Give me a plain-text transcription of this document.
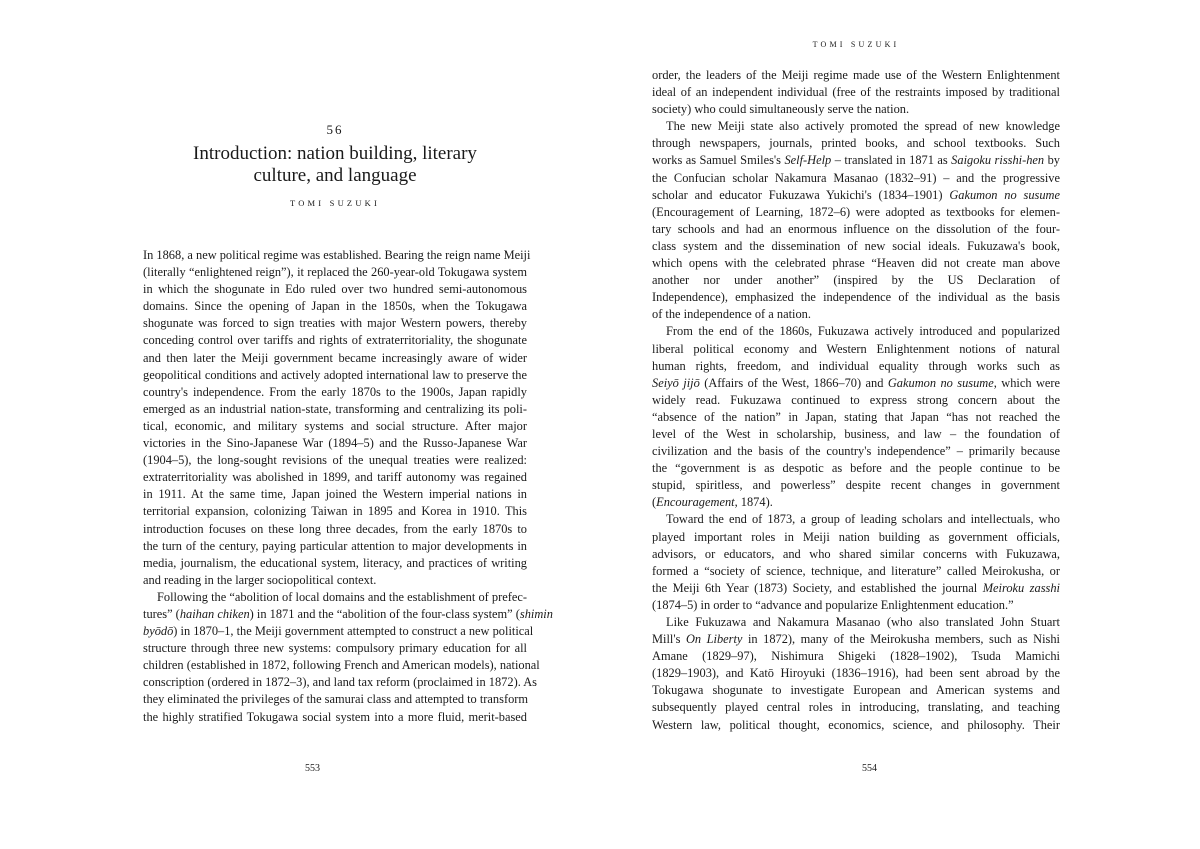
56
Introduction: nation building, literary
culture, and language
TOMI SUZUKI
In 1868, a new political regime was established. Bearing the reign name Meiji
(literally “enlightened reign”), it replaced the 260-year-old Tokugawa system
in which the shogunate in Edo ruled over two hundred semi-autonomous
domains. Since the opening of Japan in the 1850s, when the Tokugawa
shogunate was forced to sign treaties with major Western powers, thereby
conceding control over tariffs and rights of extraterritoriality, the shogunate
and then later the Meiji government became increasingly aware of wider
geopolitical conditions and actively adopted international law to preserve the
country's independence. From the early 1870s to the 1900s, Japan rapidly
emerged as an industrial nation-state, transforming and centralizing its poli-
tical, economic, and military systems and social structure. After major
victories in the Sino-Japanese War (1894–5) and the Russo-Japanese War
(1904–5), the long-sought revisions of the unequal treaties were realized:
extraterritoriality was abolished in 1899, and tariff autonomy was regained
in 1911. At the same time, Japan joined the Western imperial nations in
territorial expansion, colonizing Taiwan in 1895 and Korea in 1910. This
introduction focuses on these long three decades, from the early 1870s to
the turn of the century, paying particular attention to major developments in
media, journalism, the educational system, literacy, and practices of writing
and reading in the larger sociopolitical context.
Following the “abolition of local domains and the establishment of prefec-
tures” (haihan chiken) in 1871 and the “abolition of the four-class system” (shimin
byōdō) in 1870–1, the Meiji government attempted to construct a new political
structure through three new systems: compulsory primary education for all
children (established in 1872, following French and American models), national
conscription (ordered in 1872–3), and land tax reform (proclaimed in 1872). As
they eliminated the privileges of the samurai class and attempted to transform
the highly stratified Tokugawa social system into a more fluid, merit-based
553
TOMI SUZUKI
order, the leaders of the Meiji regime made use of the Western Enlightenment
ideal of an independent individual (free of the restraints imposed by traditional
society) who could simultaneously serve the nation.
The new Meiji state also actively promoted the spread of new knowledge
through newspapers, journals, printed books, and school textbooks. Such
works as Samuel Smiles's Self-Help – translated in 1871 as Saigoku risshi-hen by
the Confucian scholar Nakamura Masanao (1832–91) – and the progressive
scholar and educator Fukuzawa Yukichi's (1834–1901) Gakumon no susume
(Encouragement of Learning, 1872–6) were adopted as textbooks for elemen-
tary schools and had an enormous influence on the dissolution of the four-
class system and the dissemination of new social ideals. Fukuzawa's book,
which opens with the celebrated phrase “Heaven did not create man above
another nor under another” (inspired by the US Declaration of
Independence), emphasized the independence of the individual as the basis
of the independence of a nation.
From the end of the 1860s, Fukuzawa actively introduced and popularized
liberal political economy and Western Enlightenment notions of natural
human rights, freedom, and individual equality through works such as
Seiyō jijō (Affairs of the West, 1866–70) and Gakumon no susume, which were
widely read. Fukuzawa continued to express strong concern about the
“absence of the nation” in Japan, stating that Japan “has not reached the
level of the West in scholarship, business, and law – the foundation of
civilization and the basis of the country's independence” – primarily because
the “government is as despotic as before and the people continue to be
stupid, spiritless, and powerless” despite recent changes in government
(Encouragement, 1874).
Toward the end of 1873, a group of leading scholars and intellectuals, who
played important roles in Meiji nation building as government officials,
advisors, or educators, and who shared similar concerns with Fukuzawa,
formed a “society of science, technique, and literature” called Meirokusha, or
the Meiji 6th Year (1873) Society, and established the journal Meiroku zasshi
(1874–5) in order to “advance and popularize Enlightenment education.”
Like Fukuzawa and Nakamura Masanao (who also translated John Stuart
Mill's On Liberty in 1872), many of the Meirokusha members, such as Nishi
Amane (1829–97), Nishimura Shigeki (1828–1902), Tsuda Mamichi
(1829–1903), and Katō Hiroyuki (1836–1916), had been sent abroad by the
Tokugawa shogunate to investigate European and American systems and
subsequently played central roles in introducing, translating, and teaching
Western law, political thought, economics, science, and philosophy. Their
554
